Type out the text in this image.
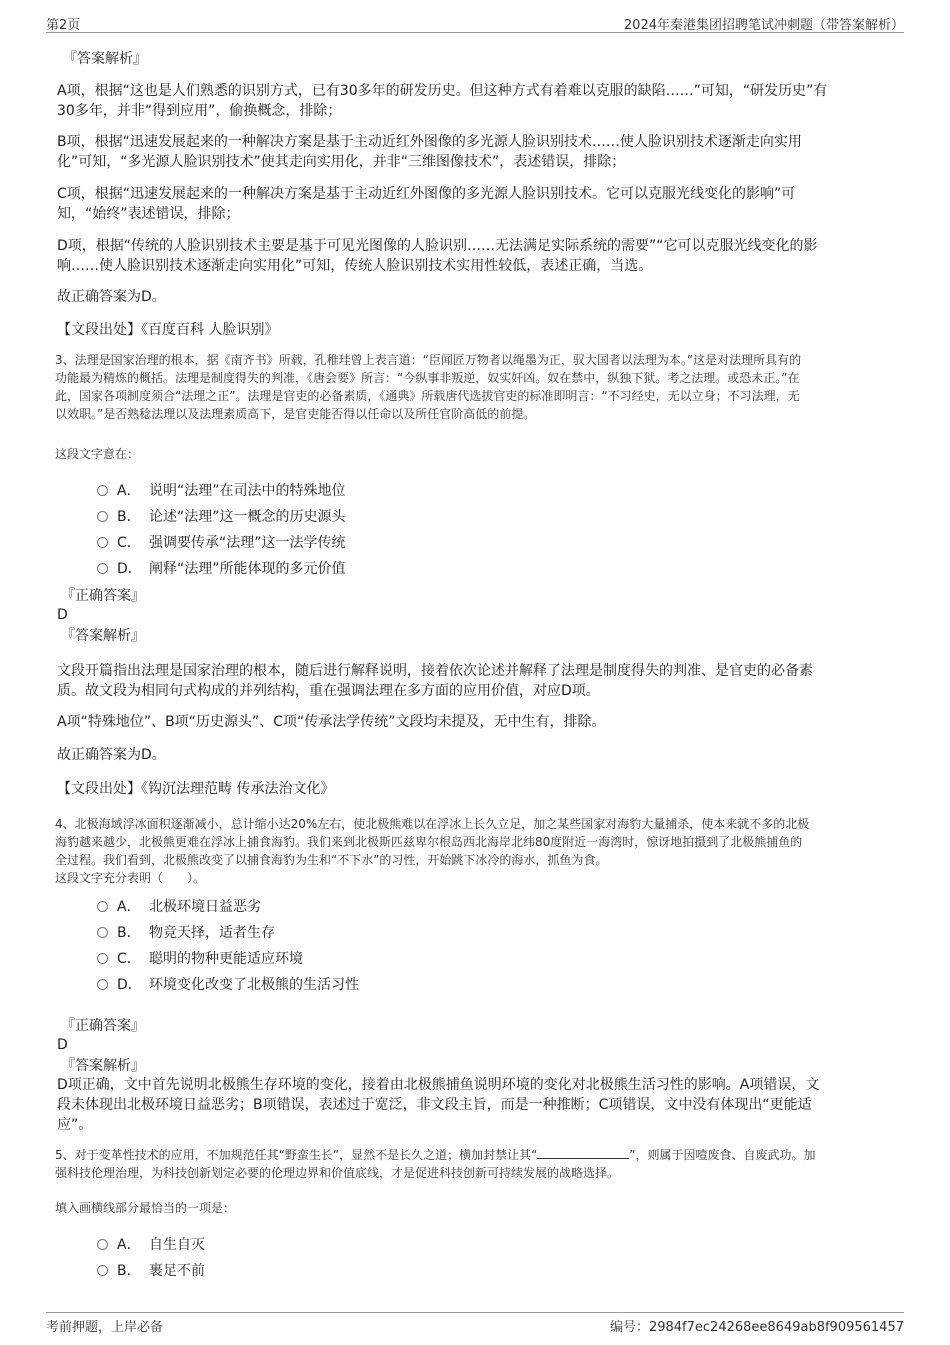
第2页	2024年秦港集团招聘笔试冲刺题（带答案解析）
『答案解析』
A项，根据“这也是人们熟悉的识别方式，已有30多年的研发历史。但这种方式有着难以克服的缺陷……”可知，“研发历史”有
30多年，并非“得到应用”，偷换概念，排除；
B项，根据“迅速发展起来的一种解决方案是基于主动近红外图像的多光源人脸识别技术……使人脸识别技术逐渐走向实用
化”可知，“多光源人脸识别技术”使其走向实用化，并非“三维图像技术”，表述错误，排除；
C项，根据“迅速发展起来的一种解决方案是基于主动近红外图像的多光源人脸识别技术。它可以克服光线变化的影响”可
知，“始终”表述错误，排除；
D项，根据“传统的人脸识别技术主要是基于可见光图像的人脸识别……无法满足实际系统的需要”“它可以克服光线变化的影
响……使人脸识别技术逐渐走向实用化”可知，传统人脸识别技术实用性较低，表述正确，当选。
故正确答案为D。
【文段出处】《百度百科 人脸识别》
3、法理是国家治理的根本，据《南齐书》所载，孔稚珪曾上表言道：“臣闻匠万物者以绳墨为正，驭大国者以法理为本。”这是对法理所具有的
功能最为精炼的概括。法理是制度得失的判准，《唐会要》所言：“今纵事非叛逆，奴实奸凶。奴在禁中，纵独下狱。考之法理。或恐未正。”在
此，国家各项制度须合“法理之正”。法理是官吏的必备素质，《通典》所载唐代选拔官吏的标准即明言：“不习经史，无以立身；不习法理，无
以效职。”是否熟稔法理以及法理素质高下，是官吏能否得以任命以及所任官阶高低的前提。
这段文字意在：
A． 说明“法理”在司法中的特殊地位
B． 论述“法理”这一概念的历史源头
C． 强调要传承“法理”这一法学传统
D． 阐释“法理”所能体现的多元价值
『正确答案』
D
『答案解析』
文段开篇指出法理是国家治理的根本，随后进行解释说明，接着依次论述并解释了法理是制度得失的判准、是官吏的必备素
质。故文段为相同句式构成的并列结构，重在强调法理在多方面的应用价值，对应D项。
A项“特殊地位”、B项“历史源头”、C项“传承法学传统”文段均未提及，无中生有，排除。
故正确答案为D。
【文段出处】《钩沉法理范畴 传承法治文化》
4、北极海域浮冰面积逐渐减小，总计缩小达20%左右，使北极熊难以在浮冰上长久立足，加之某些国家对海豹大量捕杀，使本来就不多的北极
海豹越来越少，北极熊更难在浮冰上捕食海豹。我们来到北极斯匹兹卑尔根岛西北海岸北纬80度附近一海湾时，惊讶地拍摄到了北极熊捕鱼的
全过程。我们看到，北极熊改变了以捕食海豹为生和“不下水”的习性，开始跳下冰冷的海水，抓鱼为食。
这段文字充分表明（　　）。
A． 北极环境日益恶劣
B． 物竞天择，适者生存
C． 聪明的物种更能适应环境
D． 环境变化改变了北极熊的生活习性
『正确答案』
D
『答案解析』
D项正确，文中首先说明北极熊生存环境的变化，接着由北极熊捕鱼说明环境的变化对北极熊生活习性的影响。A项错误，文
段未体现出北极环境日益恶劣；B项错误，表述过于宽泛，非文段主旨，而是一种推断；C项错误，文中没有体现出“更能适
应”。
5、对于变革性技术的应用，不加规范任其“野蛮生长”，显然不是长久之道；横加封禁让其“	”，则属于因噎废食、自废武功。加
强科技伦理治理，为科技创新划定必要的伦理边界和价值底线，才是促进科技创新可持续发展的战略选择。
填入画横线部分最恰当的一项是：
A． 自生自灭
B． 裹足不前
考前押题，上岸必备	编号：2984f7ec24268ee8649ab8f909561457
